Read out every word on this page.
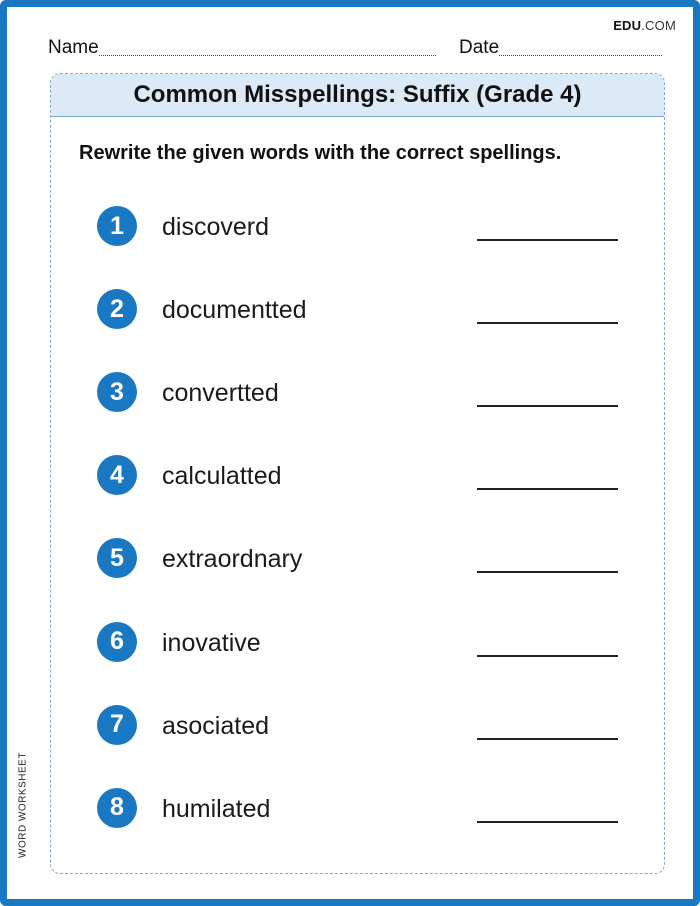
EDU.COM
Name	Date
Common Misspellings: Suffix (Grade 4)

Rewrite the given words with the correct spellings.

1	discoverd
2	documentted
3	convertted
4	calculatted
5	extraordnary
6	inovative
7	asociated
8	humilated
WORD WORKSHEET
